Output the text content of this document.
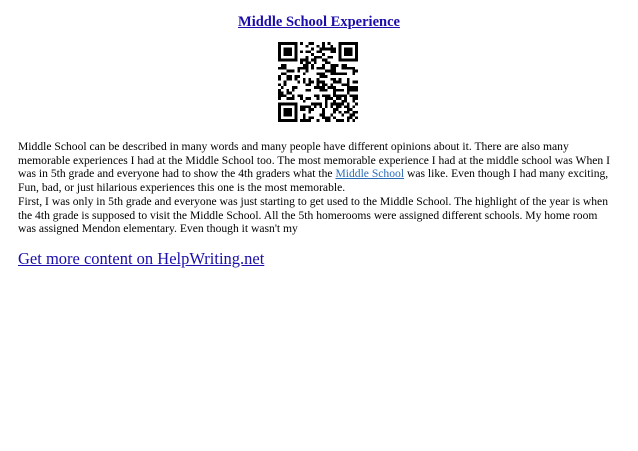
Middle School Experience

Middle School can be described in many words and many people have different opinions about it. There are also many memorable experiences I had at the Middle School too. The most memorable experience I had at the middle school was When I was in 5th grade and everyone had to show the 4th graders what the Middle School was like. Even though I had many exciting, Fun, bad, or just hilarious experiences this one is the most memorable.

First, I was only in 5th grade and everyone was just starting to get used to the Middle School. The highlight of the year is when the 4th grade is supposed to visit the Middle School. All the 5th homerooms were assigned different schools. My home room was assigned Mendon elementary. Even though it wasn't my

Get more content on HelpWriting.net
